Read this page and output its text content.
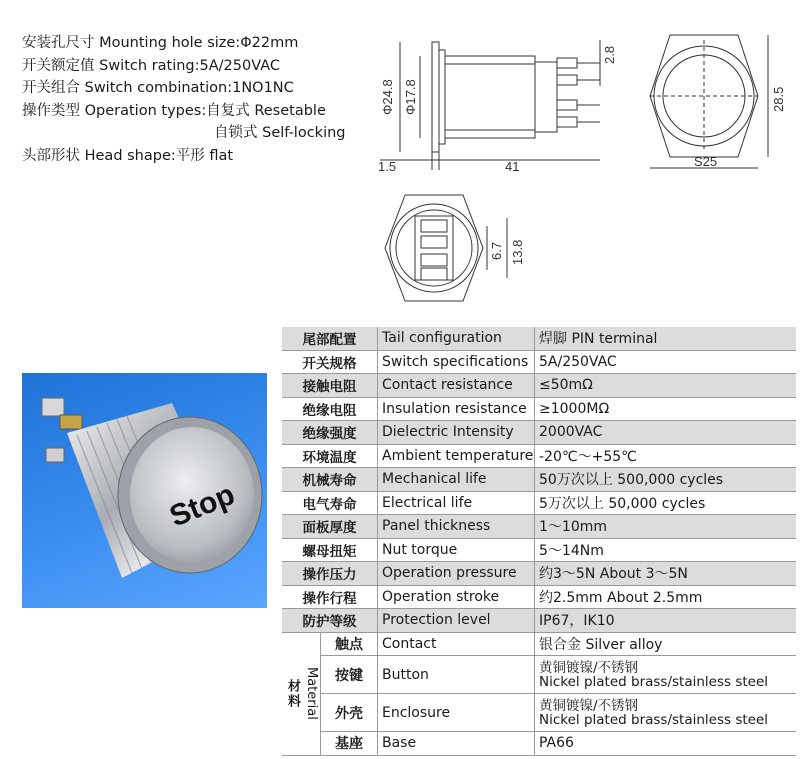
安装孔尺寸 Mounting hole size:Φ22mm
开关额定值 Switch rating:5A/250VAC
开关组合 Switch combination:1NO1NC
操作类型 Operation types:自复式 Resetable
自锁式 Self-locking
头部形状 Head shape:平形 flat
Φ24.8 Φ17.8
2.8
1.5	41
28.5
S25
6.7 13.8
Stop
尾部配置		Tail configuration	焊脚 PIN terminal
开关规格		Switch specifications	5A/250VAC
接触电阻		Contact resistance	≤50mΩ
绝缘电阻		Insulation resistance	≥1000MΩ
绝缘强度		Dielectric Intensity	2000VAC
环境温度		Ambient temperature	-20℃～+55℃
机械寿命		Mechanical life	50万次以上 500,000 cycles
电气寿命		Electrical life	5万次以上 50,000 cycles
面板厚度		Panel thickness	1～10mm
螺母扭矩		Nut torque	5～14Nm
操作压力		Operation pressure	约3～5N About 3～5N
操作行程		Operation stroke	约2.5mm About 2.5mm
防护等级		Protection level	IP67，IK10

材料 Material	触点	Contact	银合金 Silver alloy
	按键	Button	黄铜镀镍/不锈钢
Nickel plated brass/stainless steel

	外壳	Enclosure	黄铜镀镍/不锈钢
Nickel plated brass/stainless steel

	基座	Base	PA66
